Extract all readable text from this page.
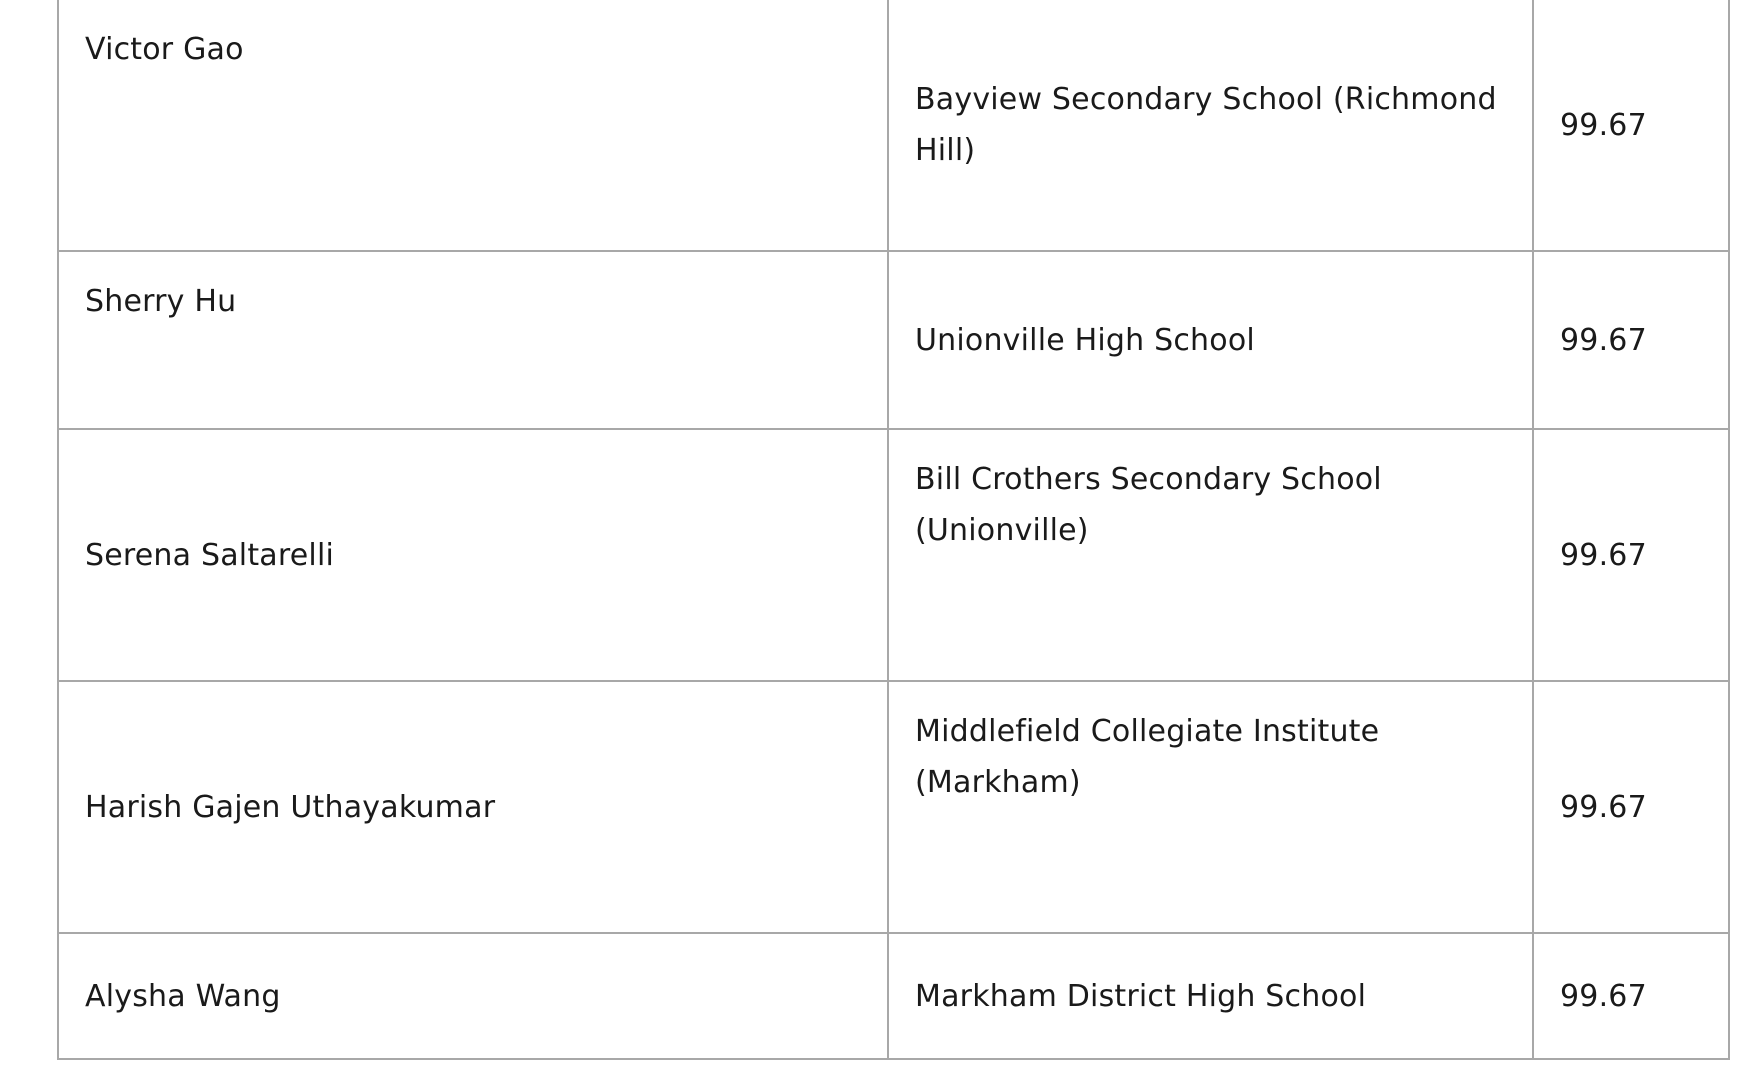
Victor Gao	Bayview Secondary School (Richmond Hill)	99.67
Sherry Hu	Unionville High School	99.67
Serena Saltarelli	Bill Crothers Secondary School (Unionville)	99.67
Harish Gajen Uthayakumar	Middlefield Collegiate Institute (Markham)	99.67
Alysha Wang	Markham District High School	99.67
